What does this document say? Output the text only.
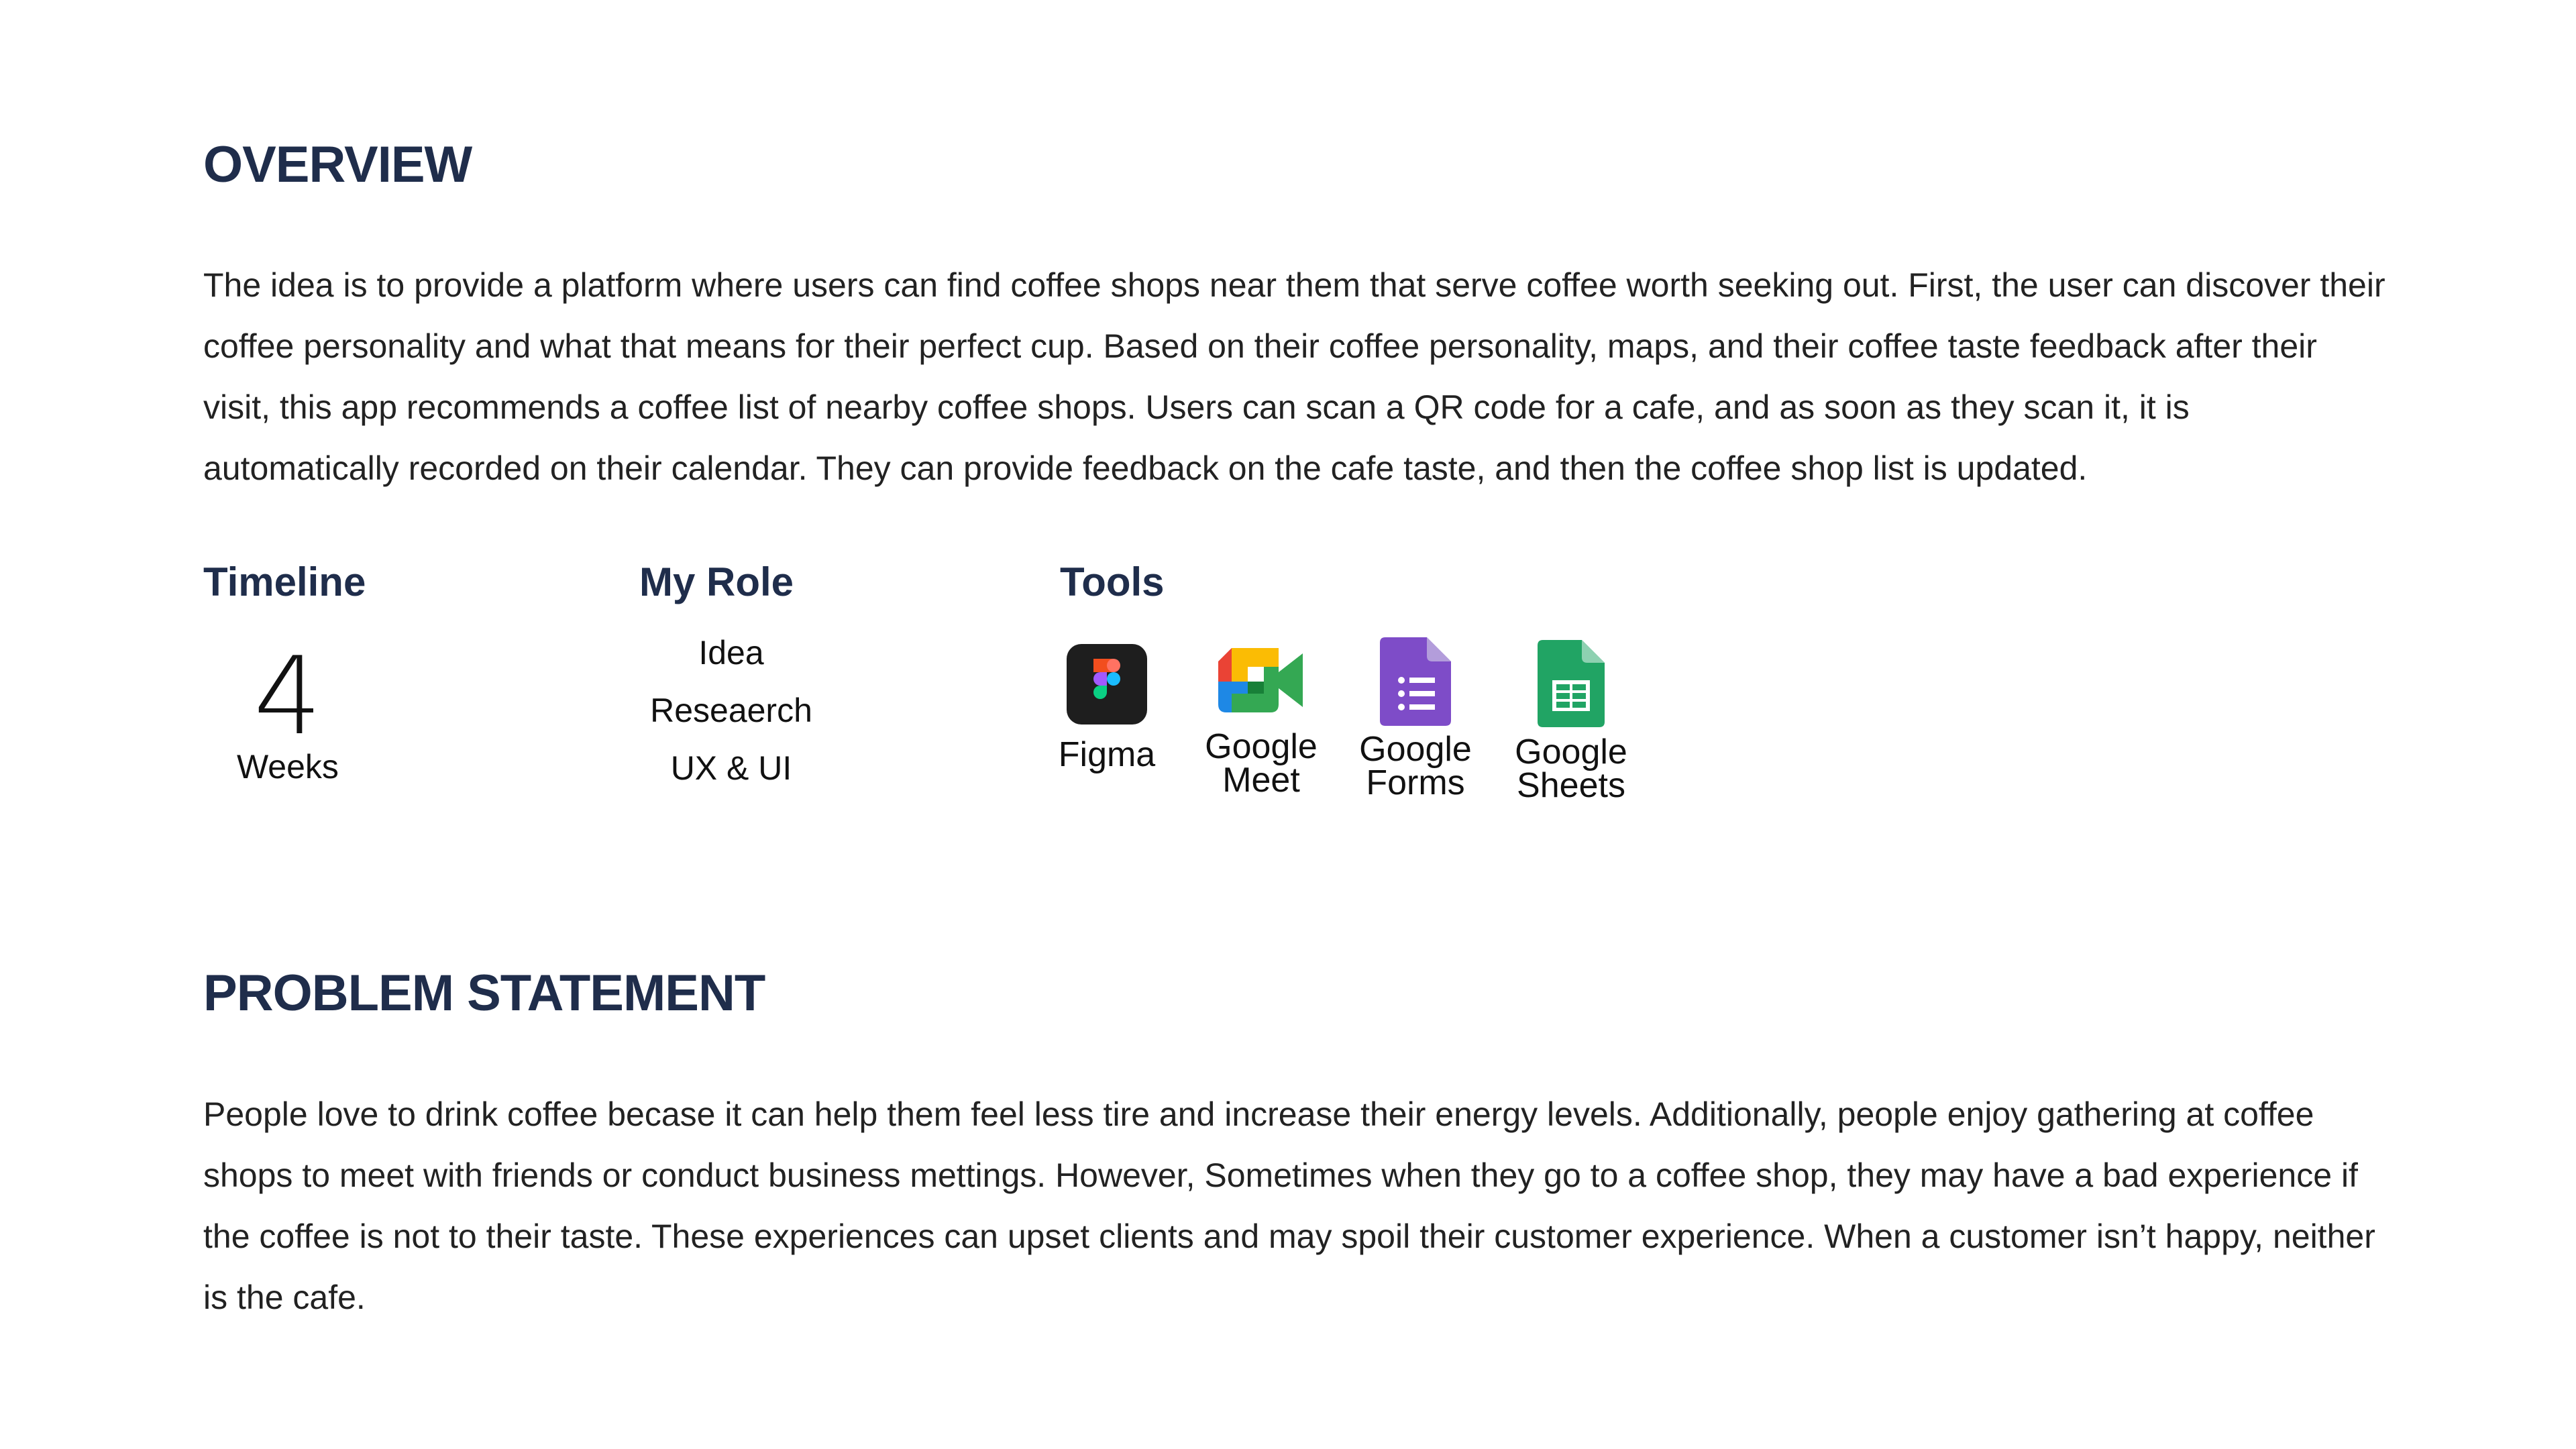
OVERVIEW

The idea is to provide a platform where users can find coffee shops near them that serve coffee worth seeking out. First, the user can discover their coffee personality and what that means for their perfect cup. Based on their coffee personality, maps, and their coffee taste feedback after their visit, this app recommends a coffee list of nearby coffee shops. Users can scan a QR code for a cafe, and as soon as they scan it, it is automatically recorded on their calendar. They can provide feedback on the cafe taste, and then the coffee shop list is updated.

Timeline
4
Weeks
My Role
Idea
Reseaerch
UX & UI
Tools
Figma	Google
Meet
Google
Forms
Google
Sheets
PROBLEM STATEMENT

People love to drink coffee becase it can help them feel less tire and increase their energy levels. Additionally, people enjoy gathering at coffee shops to meet with friends or conduct business mettings. However, Sometimes when they go to a coffee shop, they may have a bad experience if the coffee is not to their taste. These experiences can upset clients and may spoil their customer experience. When a customer isn’t happy, neither is the cafe.
